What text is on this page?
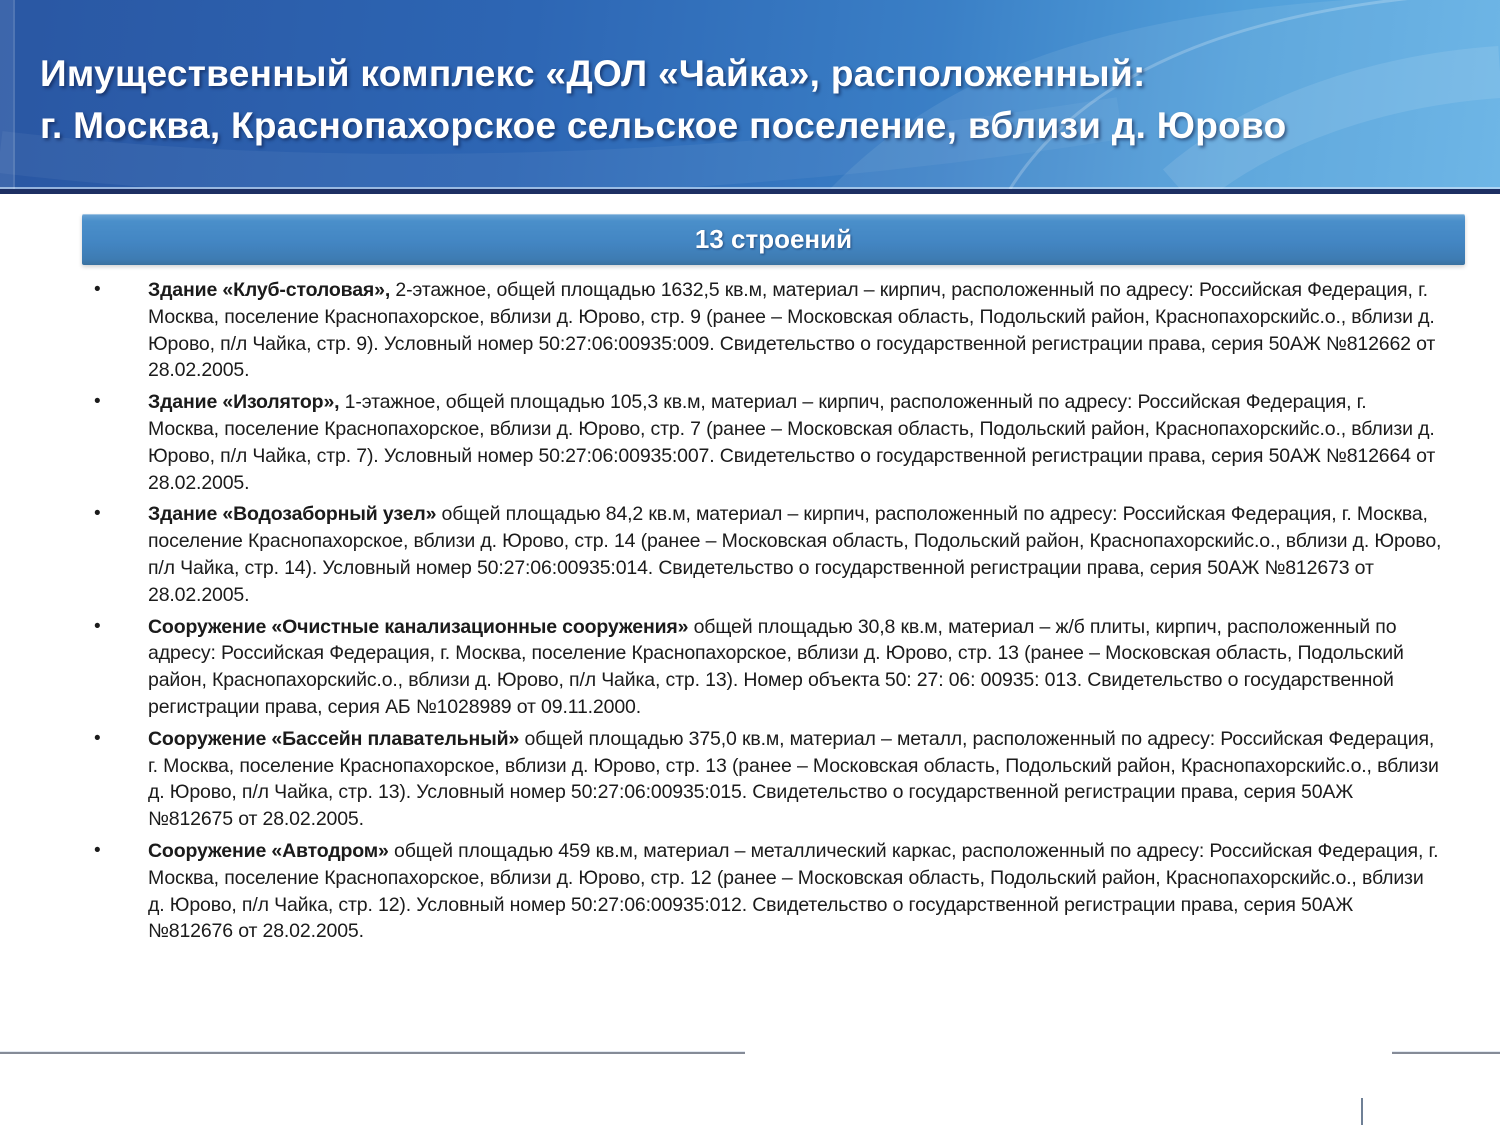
Имущественный комплекс «ДОЛ «Чайка», расположенный:
г. Москва, Краснопахорское сельское поселение, вблизи д. Юрово
13 строений
• Здание «Клуб-столовая», 2-этажное, общей площадью 1632,5 кв.м, материал – кирпич, расположенный по адресу: Российская Федерация, г. Москва, поселение Краснопахорское, вблизи д. Юрово, стр. 9 (ранее – Московская область, Подольский район, Краснопахорскийс.о., вблизи д. Юрово, п/л Чайка, стр. 9). Условный номер 50:27:06:00935:009. Свидетельство о государственной регистрации права, серия 50АЖ №812662 от 28.02.2005.
• Здание «Изолятор», 1-этажное, общей площадью 105,3 кв.м, материал – кирпич, расположенный по адресу: Российская Федерация, г. Москва, поселение Краснопахорское, вблизи д. Юрово, стр. 7 (ранее – Московская область, Подольский район, Краснопахорскийс.о., вблизи д. Юрово, п/л Чайка, стр. 7). Условный номер 50:27:06:00935:007. Свидетельство о государственной регистрации права, серия 50АЖ №812664 от 28.02.2005.
• Здание «Водозаборный узел» общей площадью 84,2 кв.м, материал – кирпич, расположенный по адресу: Российская Федерация, г. Москва, поселение Краснопахорское, вблизи д. Юрово, стр. 14 (ранее – Московская область, Подольский район, Краснопахорскийс.о., вблизи д. Юрово, п/л Чайка, стр. 14). Условный номер 50:27:06:00935:014. Свидетельство о государственной регистрации права, серия 50АЖ №812673 от 28.02.2005.
• Сооружение «Очистные канализационные сооружения» общей площадью 30,8 кв.м, материал – ж/б плиты, кирпич, расположенный по адресу: Российская Федерация, г. Москва, поселение Краснопахорское, вблизи д. Юрово, стр. 13 (ранее – Московская область, Подольский район, Краснопахорскийс.о., вблизи д. Юрово, п/л Чайка, стр. 13). Номер объекта 50: 27: 06: 00935: 013. Свидетельство о государственной регистрации права, серия АБ №1028989 от 09.11.2000.
• Сооружение «Бассейн плавательный» общей площадью 375,0 кв.м, материал – металл, расположенный по адресу: Российская Федерация, г. Москва, поселение Краснопахорское, вблизи д. Юрово, стр. 13 (ранее – Московская область, Подольский район, Краснопахорскийс.о., вблизи д. Юрово, п/л Чайка, стр. 13). Условный номер 50:27:06:00935:015. Свидетельство о государственной регистрации права, серия 50АЖ №812675 от 28.02.2005.
• Сооружение «Автодром» общей площадью 459 кв.м, материал – металлический каркас, расположенный по адресу: Российская Федерация, г. Москва, поселение Краснопахорское, вблизи д. Юрово, стр. 12 (ранее – Московская область, Подольский район, Краснопахорскийс.о., вблизи д. Юрово, п/л Чайка, стр. 12). Условный номер 50:27:06:00935:012. Свидетельство о государственной регистрации права, серия 50АЖ №812676 от 28.02.2005.
